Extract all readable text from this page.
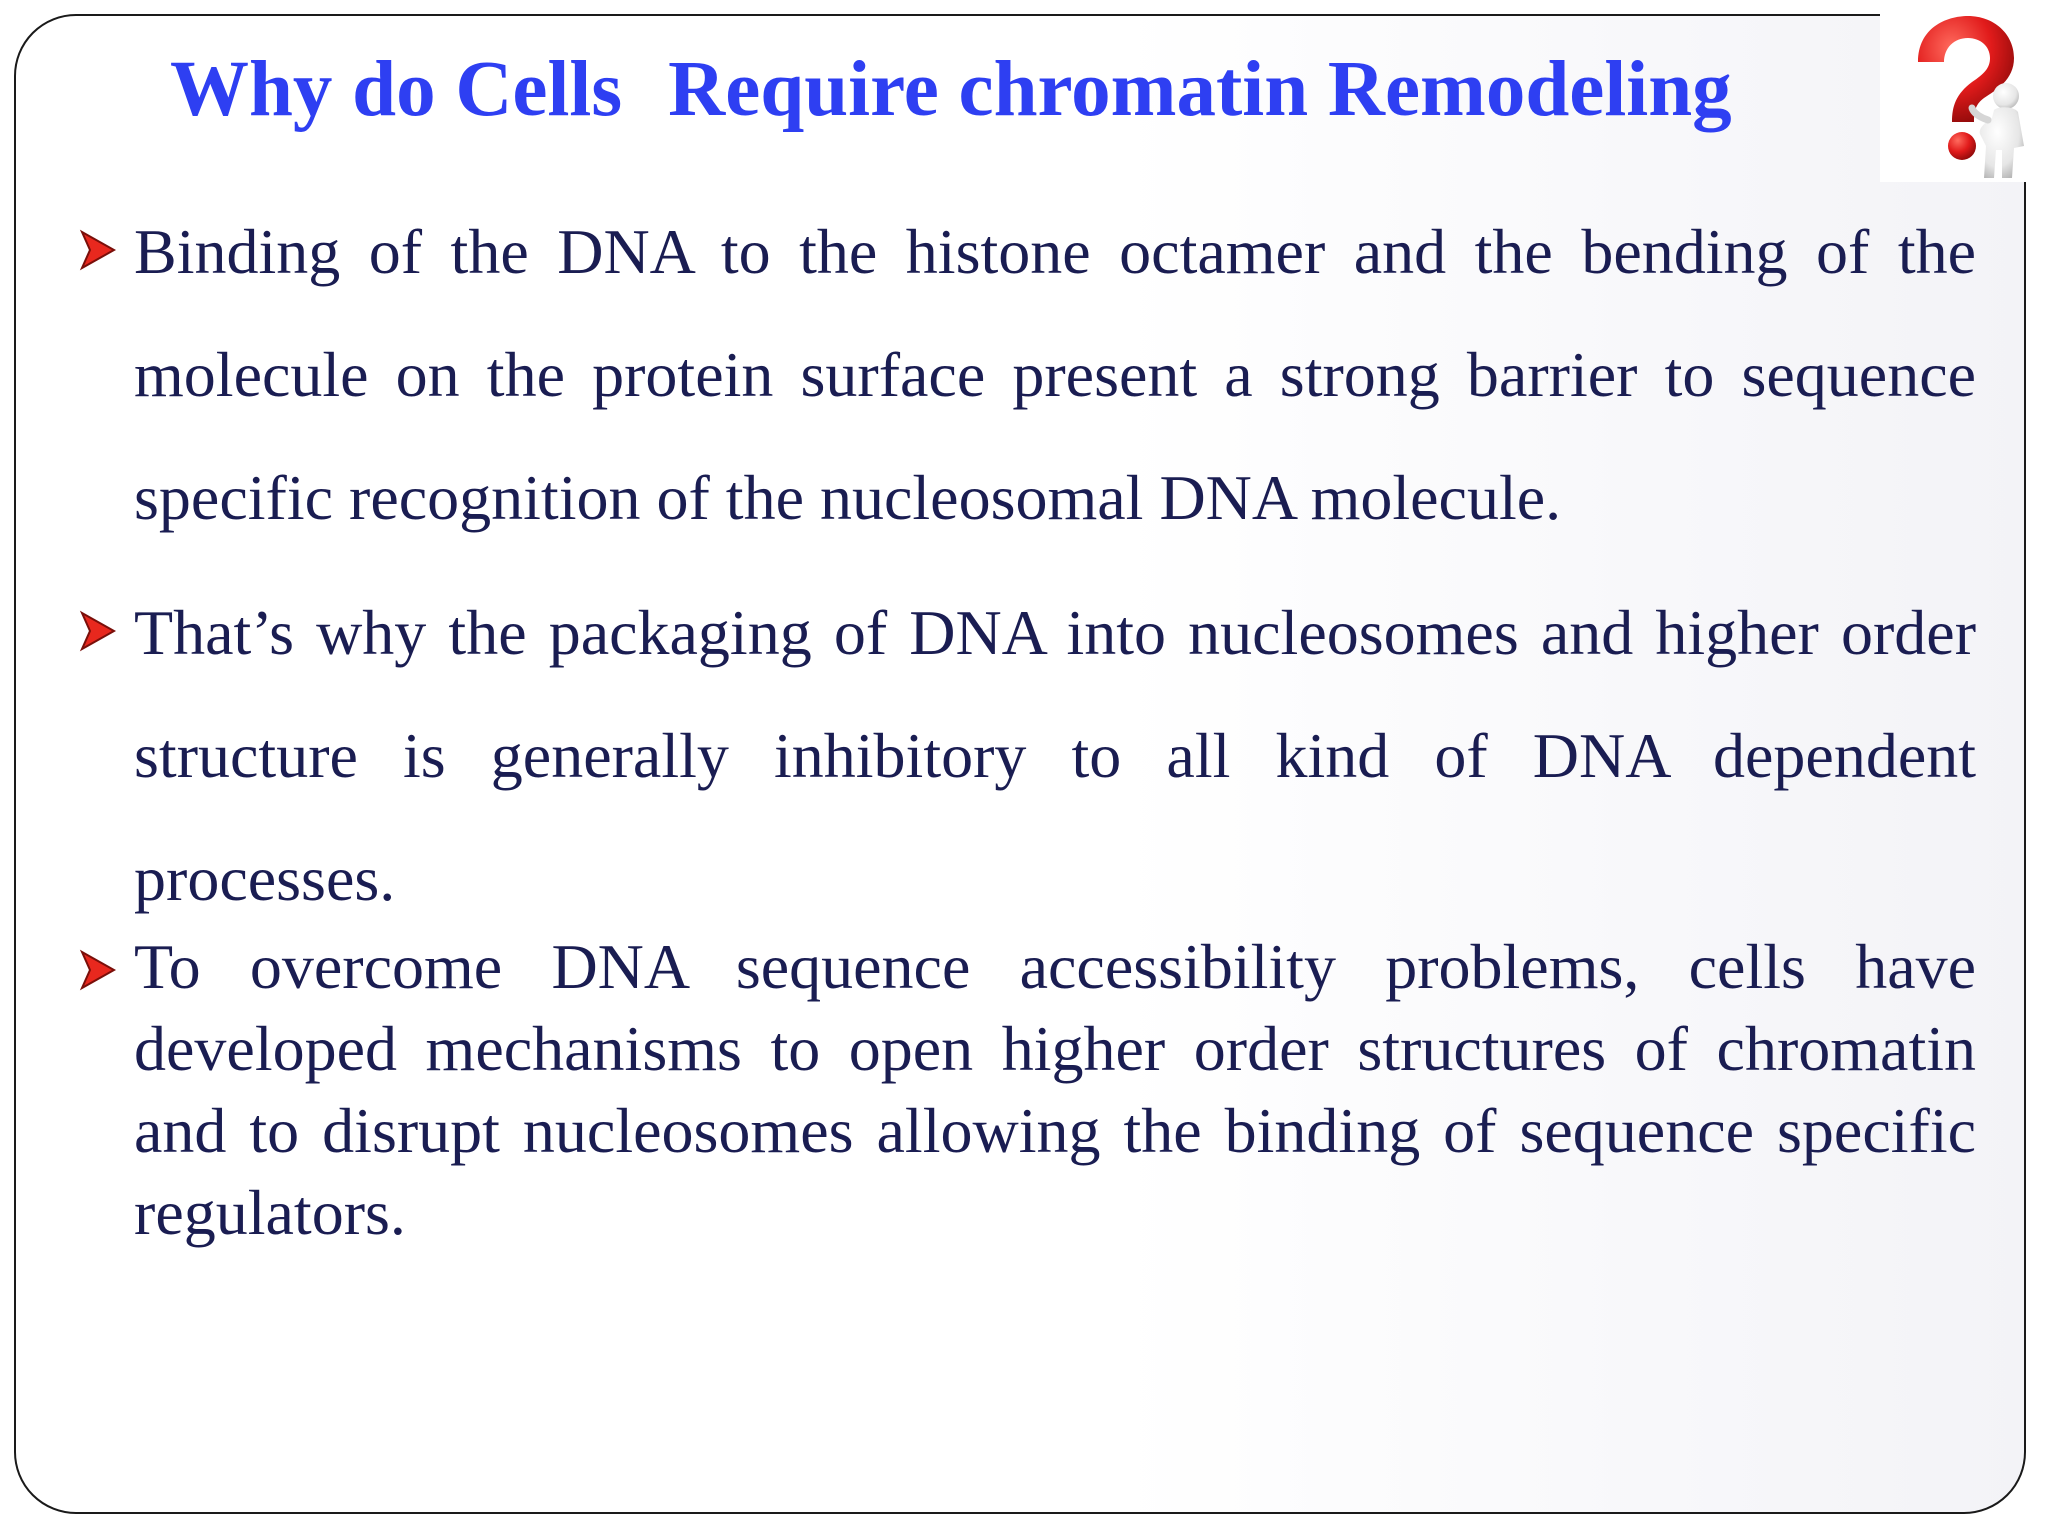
Why do Cells Require chromatin Remodeling
Binding of the DNA to the histone octamer and the bending of the molecule on the protein surface present a strong barrier to sequence specific recognition of the nucleosomal DNA molecule.
That’s why the packaging of DNA into nucleosomes and higher order structure is generally inhibitory to all kind of DNA dependent processes.
To overcome DNA sequence accessibility problems, cells have developed mechanisms to open higher order structures of chromatin and to disrupt nucleosomes allowing the binding of sequence specific regulators.
